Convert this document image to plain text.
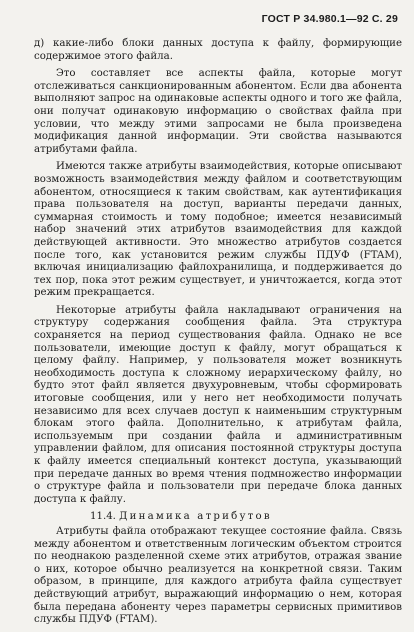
ГОСТ Р 34.980.1—92 С. 29

д) какие-либо блоки данных доступа к файлу, формирующие содержимое этого файла.

Это составляет все аспекты файла, которые могут отслеживаться санкционированным абонентом. Если два абонента выполняют запрос на одинаковые аспекты одного и того же файла, они получат одинаковую информацию о свойствах файла при условии, что между этими запросами не была произведена модификация данной информации. Эти свойства называются атрибутами файла.

Имеются также атрибуты взаимодействия, которые описывают возможность взаимодействия между файлом и соответствующим абонентом, относящиеся к таким свойствам, как аутентификация права пользователя на доступ, варианты передачи данных, суммарная стоимость и тому подобное; имеется независимый набор значений этих атрибутов взаимодействия для каждой действующей активности. Это множество атрибутов создается после того, как установится режим службы ПДУФ (FTAM), включая инициализацию файлохранилища, и поддерживается до тех пор, пока этот режим существует, и уничтожается, когда этот режим прекращается.

Некоторые атрибуты файла накладывают ограничения на структуру содержания сообщения файла. Эта структура сохраняется на период существования файла. Однако не все пользователи, имеющие доступ к файлу, могут обращаться к целому файлу. Например, у пользователя может возникнуть необходимость доступа к сложному иерархическому файлу, но будто этот файл является двухуровневым, чтобы сформировать итоговые сообщения, или у него нет необходимости получать независимо для всех случаев доступ к наименьшим структурным блокам этого файла. Дополнительно, к атрибутам файла, используемым при создании файла и административным управлении файлом, для описания постоянной структуры доступа к файлу имеется специальный контекст доступа, указывающий при передаче данных во время чтения подмножество информации о структуре файла и пользователи при передаче блока данных доступа к файлу.

11.4. Динамика атрибутов

Атрибуты файла отображают текущее состояние файла. Связь между абонентом и ответственным логическим объектом строится по неоднакою разделенной схеме этих атрибутов, отражая звание о них, которое обычно реализуется на конкретной связи. Таким образом, в принципе, для каждого атрибута файла существует действующий атрибут, выражающий информацию о нем, которая была передана абоненту через параметры сервисных примитивов службы ПДУФ (FTAM).
